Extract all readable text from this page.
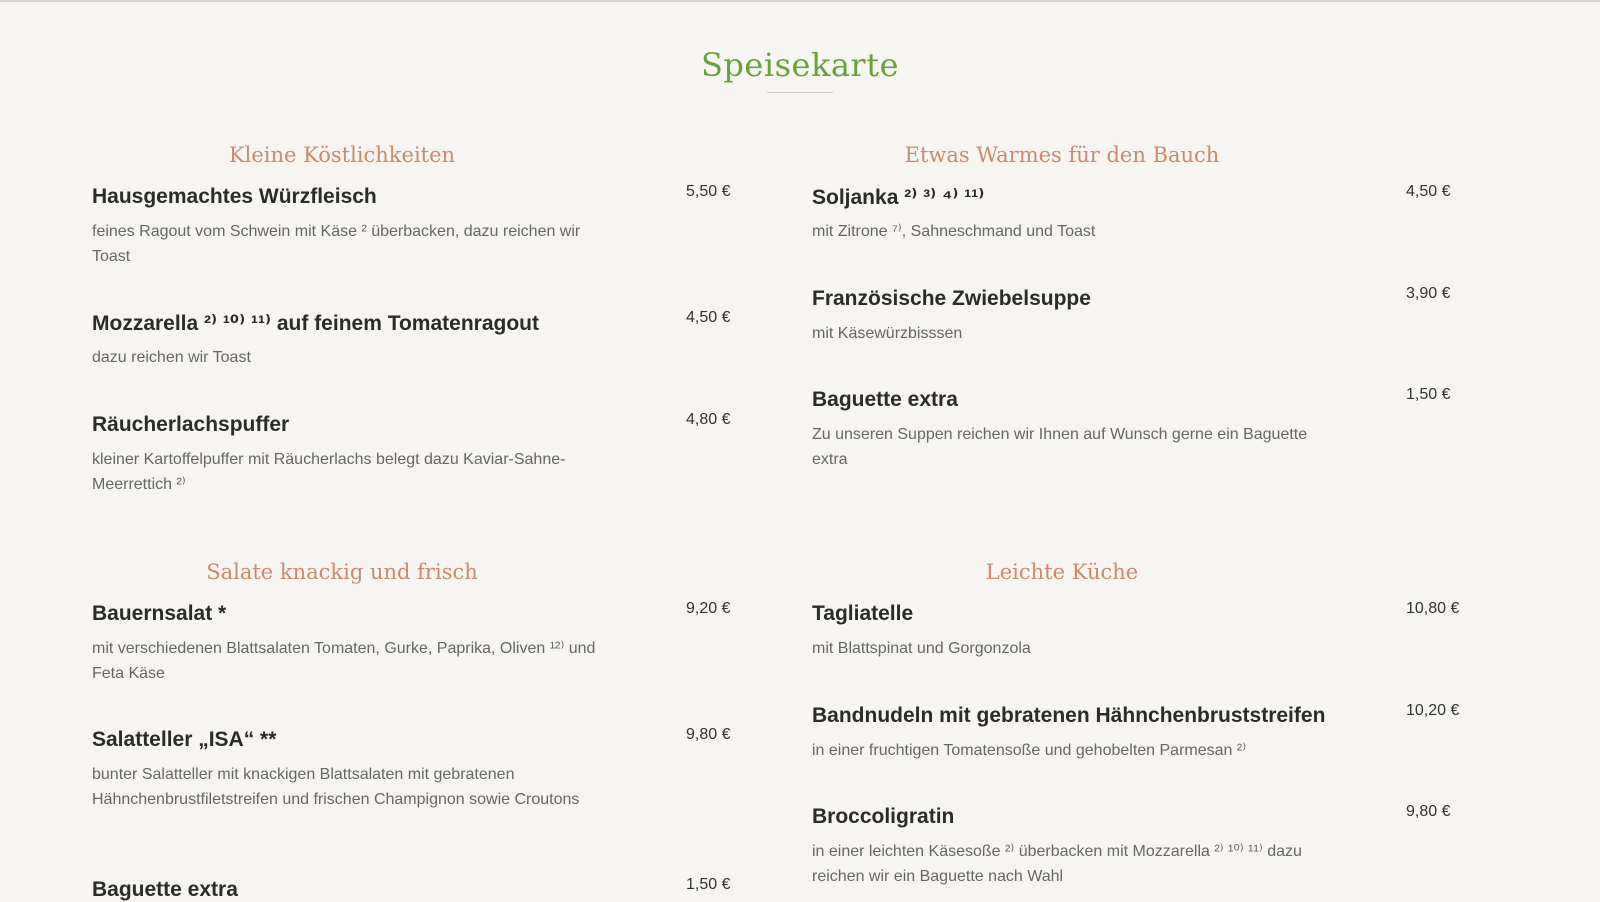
Speisekarte
Kleine Köstlichkeiten
Hausgemachtes Würzfleisch	5,50 €
feines Ragout vom Schwein mit Käse ² überbacken, dazu reichen wir Toast
Mozzarella ²⁾ ¹⁰⁾ ¹¹⁾ auf feinem Tomatenragout	4,50 €
dazu reichen wir Toast
Räucherlachspuffer	4,80 €
kleiner Kartoffelpuffer mit Räucherlachs belegt dazu Kaviar-Sahne-Meerrettich ²⁾
Etwas Warmes für den Bauch
Soljanka ²⁾ ³⁾ ⁴⁾ ¹¹⁾	4,50 €
mit Zitrone ⁷⁾, Sahneschmand und Toast
Französische Zwiebelsuppe	3,90 €
mit Käsewürzbisssen
Baguette extra	1,50 €
Zu unseren Suppen reichen wir Ihnen auf Wunsch gerne ein Baguette extra
Salate knackig und frisch
Bauernsalat *	9,20 €
mit verschiedenen Blattsalaten Tomaten, Gurke, Paprika, Oliven ¹²⁾ und Feta Käse
Salatteller „ISA“ **	9,80 €
bunter Salatteller mit knackigen Blattsalaten mit gebratenen Hähnchenbrustfiletstreifen und frischen Champignon sowie Croutons
Baguette extra	1,50 €
Leichte Küche
Tagliatelle	10,80 €
mit Blattspinat und Gorgonzola
Bandnudeln mit gebratenen Hähnchenbruststreifen	10,20 €
in einer fruchtigen Tomatensoße und gehobelten Parmesan ²⁾
Broccoligratin	9,80 €
in einer leichten Käsesoße ²⁾ überbacken mit Mozzarella ²⁾ ¹⁰⁾ ¹¹⁾ dazu reichen wir ein Baguette nach Wahl
